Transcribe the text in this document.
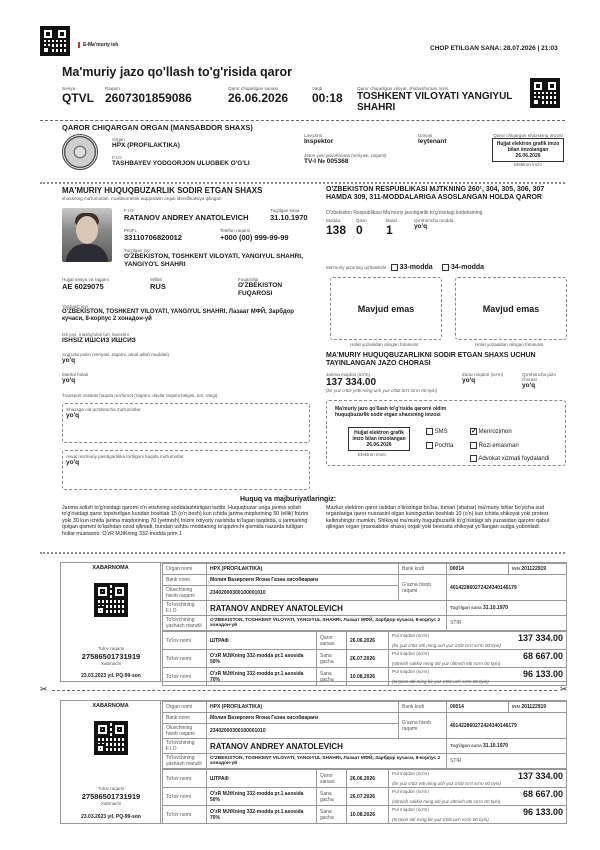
E-Ma'muriy ish	CHOP ETILGAN SANA: 28.07.2026 | 21:03
Ma'muriy jazo qo'llash to'g'risida qaror
Seriya
QTVL
Raqam
2607301859086
Qaror chiqarilgan sanasi
26.06.2026
Vaqti
00:18
Qaror chiqarilgan viloyat, shahar/tuman nomi
TOSHKENT VILOYATI YANGIYUL SHAHRI
QAROR CHIQARGAN ORGAN (MANSABDOR SHAXS)
Organ
HPX (PROFILAKTIKA)
F.I.O
TASHBAYEV YODGORJON ULUGBEK O'G'LI
Lavozimi
Inspektor
Unvoni
leytenant
Jeton yoki guvohnoma (seriyasi, raqami)
TV-I № 005368
Qaror chiqargan shaxsning imzosi
Hujjat elektron grafik imzo bilan imzolangan
26.06.2026
Elektron imzo
MA'MURIY HUQUQBUZARLIK SODIR ETGAN SHAXS
shaxsning ma'lumotlari, multibiometrik taqqoslash orqali identifikatsiya qilingan
F.I.O
RATANOV ANDREY ANATOLEVICH
Tug'ilgan sana
31.10.1970
PINFL
33110706820012
Telefon raqami
+000 (00) 999-99-99
Tug'ilgan joyi
O'ZBEKISTON, TOSHKENT VILOYATI, YANGIYUL SHAHRI, YANGIYO'L SHAHRI
Hujjat seriya va raqami
AE 6029075
Millati
RUS
Fuqaroligi
O'ZBEKISTON FUQAROSI
Yashash joyi
O'ZBEKISTON, TOSHKENT VILOYATI, YANGIYUL SHAHRI, Лазаат МФЙ, Зарбдор кучаси, 8-корпус 2 хонадон-уй
Ish joyi, mashg'uloti turi, lavozimi
ISHSIZ ИШСИЗ ИШСИЗ
Sug'urta polisi (seriyasi, raqami, amal qilish muddati)
yo'q
Marital holati
yo'q
Transport vositasi haqida ma'lumot (raqami, davlat raqami belgisi, turi, rangi)
Shaxsga oid qo'shimcha ma'lumotlar
yo'q
Avval ma'muriy javobgarlikka tortilgani haqida ma'lumotlar
yo'q
O'ZBEKISTON RESPUBLIKASI MJTKNING 260¹, 304, 305, 306, 307 HAMDA 309, 311-MODDALARIGA ASOSLANGAN HOLDA QAROR
O'zbekiston Respublikasi Ma'muriy javobgarlik to'g'risidagi kodeksining
Modda
138
Qism
0
Band
1
Qo'shimcha modda
yo'q
Ma'muriy jazoning qo'llanilishi 33-modda	34-modda
Mavjud emas
Holat yuzasidan olingan fotosurat
Mavjud emas
Holat yuzasidan olingan fotosurat
MA'MURIY HUQUQBUZARLIKNI SODIR ETGAN SHAXS UCHUN TAYINLANGAN JAZO CHORASI
Jarima miqdori (so'm)
137 334.00
(bir yuz o'ttiz yetti ming uch yuz o'ttiz to'rt so'm 00 tiyin)
Zarar miqdori (so'm)
yo'q
Qo'shimcha jazo chorasi
yo'q
Ma'muriy jazo qo'llash to'g'risida qarorni oldim huquqbuzarlik sodir etgan shaxsning imzosi
Hujjat elektron grafik imzo bilan imzolangan
26.06.2026
Elektron imzo
SMS	✓ Menrozimon
Pochta	Rozi emasman
Advokat xizmati foydalandi
Huquq va majburiyatlaringiz:
Jarima solish to'g'risidagi qarorni o'n etishning soddalashtirilgan tartibi. Huquqbuzar unga jarima solish to'g'risidagi qaror topshirilgan kundan boshlab 15 (o'n besh) kun ichida jarima miqdorining 50 (ellik) foizini yoki 30 kun ichida jarima miqdorining 70 (yetmish) foizini ixtiyoriy ravishda to'lagan taqdirda, u jarimaning qolgan qismini to'lashdan ozod qilinadi, bundan ushbu moddaning to'qqizinchi qismida nazarda tutilgan hollar mustasno. O'zR MJtKning 332-modda prim 1
Mazkur elektron qaror ustidan o'tirozingiz bo'lsa, tuman (shahar) ma'muriy ishlar bo'yicha sud organlariga qaror nusxasini olgan kuningizdan boshlab 10 (o'n) kun ichida shikoyat yoki protest keltirishingiz mumkin. Shikoyat ma'muriy huquqbuzarlik to'g'risidagi ish yuzasidan qarorni qabul qilingan organ (mansabdor shaxs) orqali yoki bevosita shikoyat yo'llangan sudga yuboriladi.
XABARNOMA
Tulov raqami
27586501731919
Xabinachi
23.03.2023 yil, PQ-99-son
Organ nomi	HPX (PROFILAKTIKA)	Bank kodi	00014	INN 201122919
Bank nomi	Молия Вазирлиги Ягона Газна хисобварағи	G'azna hisob raqami	401422860272424340146179	
Oluvchining hisob raqami	23402000300100001010			
To'lovchining F.I.O	RATANOV ANDREY ANATOLEVICH		Tug'ilgan sana 31.10.1970	
To'lovchining yashash manzili	O'ZBEKISTON, TOSHKENT VILOYATI, YANGIYUL SHAHRI, Лазаат МФЙ, Зарбдор кучаси, 8-корпус 2 хонадон-уй		STIR	
To'lov nomi	ШТРАФ	Qaror sanasi	26.06.2026	Pul miqdori (so'm) 137 334.00
(bir yuz o'ttiz etti ming uch yuz o'ttiz to'rt so'm 00 tiyin)

To'lov nomi	O'zR MJtKning 332-modda pr.1 asosida 50%	Sana gacha	26.07.2026	Pul miqdori (so'm) 68 667.00
(oltmish sakkiz ming olti yuz oltmish etti so'm 00 tiyin)

To'lov nomi	O'zR MJtKning 332-modda pr.1 asosida 70%	Sana gacha	10.08.2026	Pul miqdori (so'm) 96 133.00
(to'qson olti ming bir yuz o'ttiz uch so'm 00 tiyin)
✂	✂
XABARNOMA
Tulov raqami
27586501731919
Xabinachi
23.03.2023 yil, PQ-99-son
Organ nomi	HPX (PROFILAKTIKA)	Bank kodi	00014	INN 201122919
Bank nomi	Молия Вазирлиги Ягона Газна хисобварағи	G'azna hisob raqami	401422860272424340146179	
Oluvchining hisob raqami	23402000300100001010			
To'lovchining F.I.O	RATANOV ANDREY ANATOLEVICH		Tug'ilgan sana 31.10.1970	
To'lovchining yashash manzili	O'ZBEKISTON, TOSHKENT VILOYATI, YANGIYUL SHAHRI, Лазаат МФЙ, Зарбдор кучаси, 8-корпус 2 хонадон-уй		STIR	
To'lov nomi	ШТРАФ	Qaror sanasi	26.06.2026	Pul miqdori (so'm) 137 334.00
(bir yuz o'ttiz etti ming uch yuz o'ttiz to'rt so'm 00 tiyin)

To'lov nomi	O'zR MJtKning 332-modda pr.1 asosida 50%	Sana gacha	26.07.2026	Pul miqdori (so'm) 68 667.00
(oltmish sakkiz ming olti yuz oltmish etti so'm 00 tiyin)

To'lov nomi	O'zR MJtKning 332-modda pr.1 asosida 70%	Sana gacha	10.08.2026	Pul miqdori (so'm) 96 133.00
(to'qson olti ming bir yuz o'ttiz uch so'm 00 tiyin)
